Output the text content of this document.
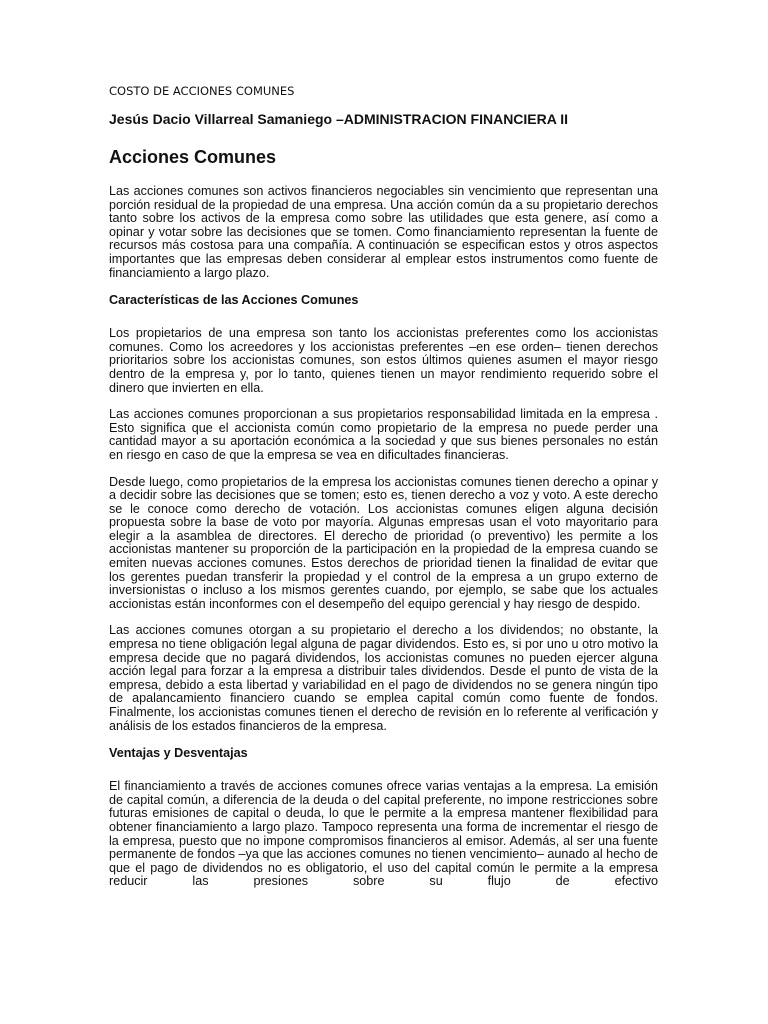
COSTO DE ACCIONES COMUNES
Jesús Dacio Villarreal Samaniego –ADMINISTRACION FINANCIERA II
Acciones Comunes

Las acciones comunes son activos financieros negociables sin vencimiento que representan una porción residual de la propiedad de una empresa. Una acción común da a su propietario derechos tanto sobre los activos de la empresa como sobre las utilidades que esta genere, así como a opinar y votar sobre las decisiones que se tomen. Como financiamiento representan la fuente de recursos más costosa para una compañía. A continuación se especifican estos y otros aspectos importantes que las empresas deben considerar al emplear estos instrumentos como fuente de financiamiento a largo plazo.

Características de las Acciones Comunes

Los propietarios de una empresa son tanto los accionistas preferentes como los accionistas comunes. Como los acreedores y los accionistas preferentes –en ese orden– tienen derechos prioritarios sobre los accionistas comunes, son estos últimos quienes asumen el mayor riesgo dentro de la empresa y, por lo tanto, quienes tienen un mayor rendimiento requerido sobre el dinero que invierten en ella.

Las acciones comunes proporcionan a sus propietarios responsabilidad limitada en la empresa . Esto significa que el accionista común como propietario de la empresa no puede perder una cantidad mayor a su aportación económica a la sociedad y que sus bienes personales no están en riesgo en caso de que la empresa se vea en dificultades financieras.

Desde luego, como propietarios de la empresa los accionistas comunes tienen derecho a opinar y a decidir sobre las decisiones que se tomen; esto es, tienen derecho a voz y voto. A este derecho se le conoce como derecho de votación. Los accionistas comunes eligen alguna decisión propuesta sobre la base de voto por mayoría. Algunas empresas usan el voto mayoritario para elegir a la asamblea de directores. El derecho de prioridad (o preventivo) les permite a los accionistas mantener su proporción de la participación en la propiedad de la empresa cuando se emiten nuevas acciones comunes. Estos derechos de prioridad tienen la finalidad de evitar que los gerentes puedan transferir la propiedad y el control de la empresa a un grupo externo de inversionistas o incluso a los mismos gerentes cuando, por ejemplo, se sabe que los actuales accionistas están inconformes con el desempeño del equipo gerencial y hay riesgo de despido.

Las acciones comunes otorgan a su propietario el derecho a los dividendos; no obstante, la empresa no tiene obligación legal alguna de pagar dividendos. Esto es, si por uno u otro motivo la empresa decide que no pagará dividendos, los accionistas comunes no pueden ejercer alguna acción legal para forzar a la empresa a distribuir tales dividendos. Desde el punto de vista de la empresa, debido a esta libertad y variabilidad en el pago de dividendos no se genera ningún tipo de apalancamiento financiero cuando se emplea capital común como fuente de fondos. Finalmente, los accionistas comunes tienen el derecho de revisión en lo referente al verificación y análisis de los estados financieros de la empresa.

Ventajas y Desventajas

El financiamiento a través de acciones comunes ofrece varias ventajas a la empresa. La emisión de capital común, a diferencia de la deuda o del capital preferente, no impone restricciones sobre futuras emisiones de capital o deuda, lo que le permite a la empresa mantener flexibilidad para obtener financiamiento a largo plazo. Tampoco representa una forma de incrementar el riesgo de la empresa, puesto que no impone compromisos financieros al emisor. Además, al ser una fuente permanente de fondos –ya que las acciones comunes no tienen vencimiento– aunado al hecho de que el pago de dividendos no es obligatorio, el uso del capital común le permite a la empresa reducir las presiones sobre su flujo de efectivo
